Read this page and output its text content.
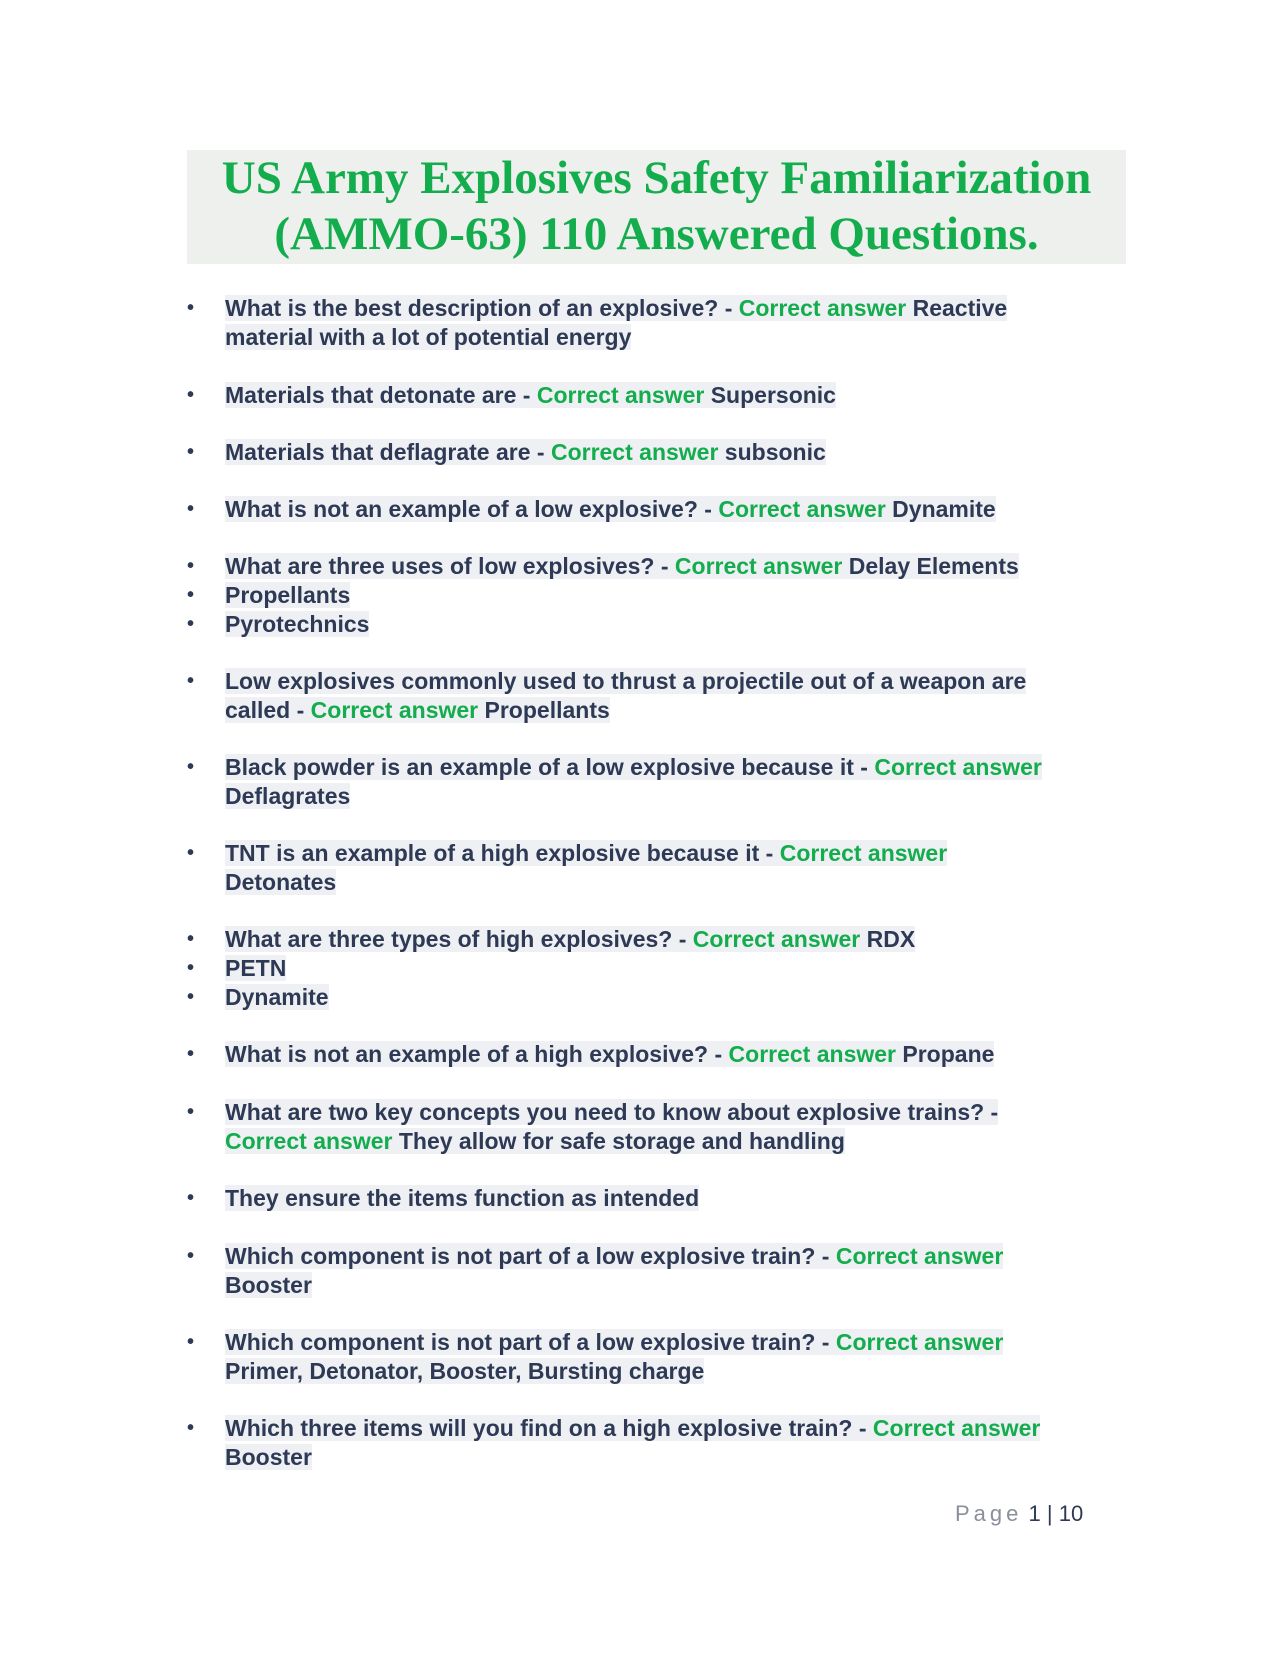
US Army Explosives Safety Familiarization
(AMMO-63) 110 Answered Questions.
• What is the best description of an explosive? - Correct answer Reactive
material with a lot of potential energy
• Materials that detonate are - Correct answer Supersonic
• Materials that deflagrate are - Correct answer subsonic
• What is not an example of a low explosive? - Correct answer Dynamite
• What are three uses of low explosives? - Correct answer Delay Elements
• Propellants
• Pyrotechnics
• Low explosives commonly used to thrust a projectile out of a weapon are
called - Correct answer Propellants
• Black powder is an example of a low explosive because it - Correct answer
Deflagrates
• TNT is an example of a high explosive because it - Correct answer
Detonates
• What are three types of high explosives? - Correct answer RDX
• PETN
• Dynamite
• What is not an example of a high explosive? - Correct answer Propane
• What are two key concepts you need to know about explosive trains? -
Correct answer They allow for safe storage and handling
• They ensure the items function as intended
• Which component is not part of a low explosive train? - Correct answer
Booster
• Which component is not part of a low explosive train? - Correct answer
Primer, Detonator, Booster, Bursting charge
• Which three items will you find on a high explosive train? - Correct answer
Booster
Page 1 | 10
